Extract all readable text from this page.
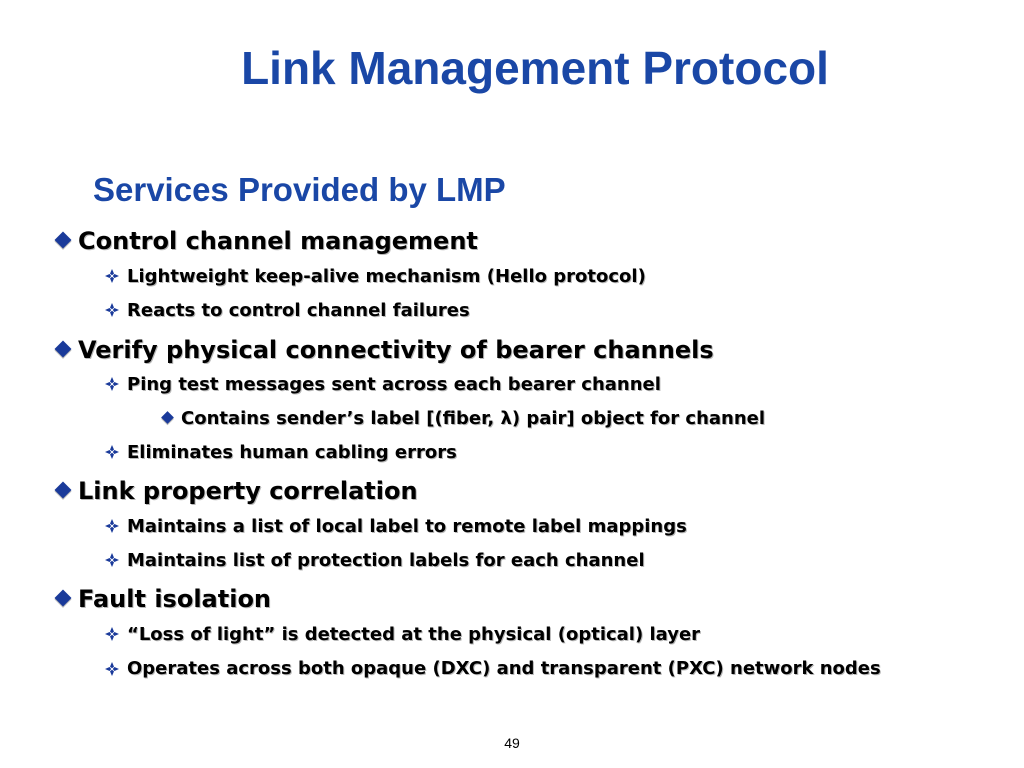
Link Management Protocol
Services Provided by LMP
Control channel management
Lightweight keep-alive mechanism (Hello protocol)
Reacts to control channel failures
Verify physical connectivity of bearer channels
Ping test messages sent across each bearer channel
Contains sender’s label [(fiber, λ) pair] object for channel
Eliminates human cabling errors
Link property correlation
Maintains a list of local label to remote label mappings
Maintains list of protection labels for each channel
Fault isolation
“Loss of light” is detected at the physical (optical) layer
Operates across both opaque (DXC) and transparent (PXC) network nodes
49
